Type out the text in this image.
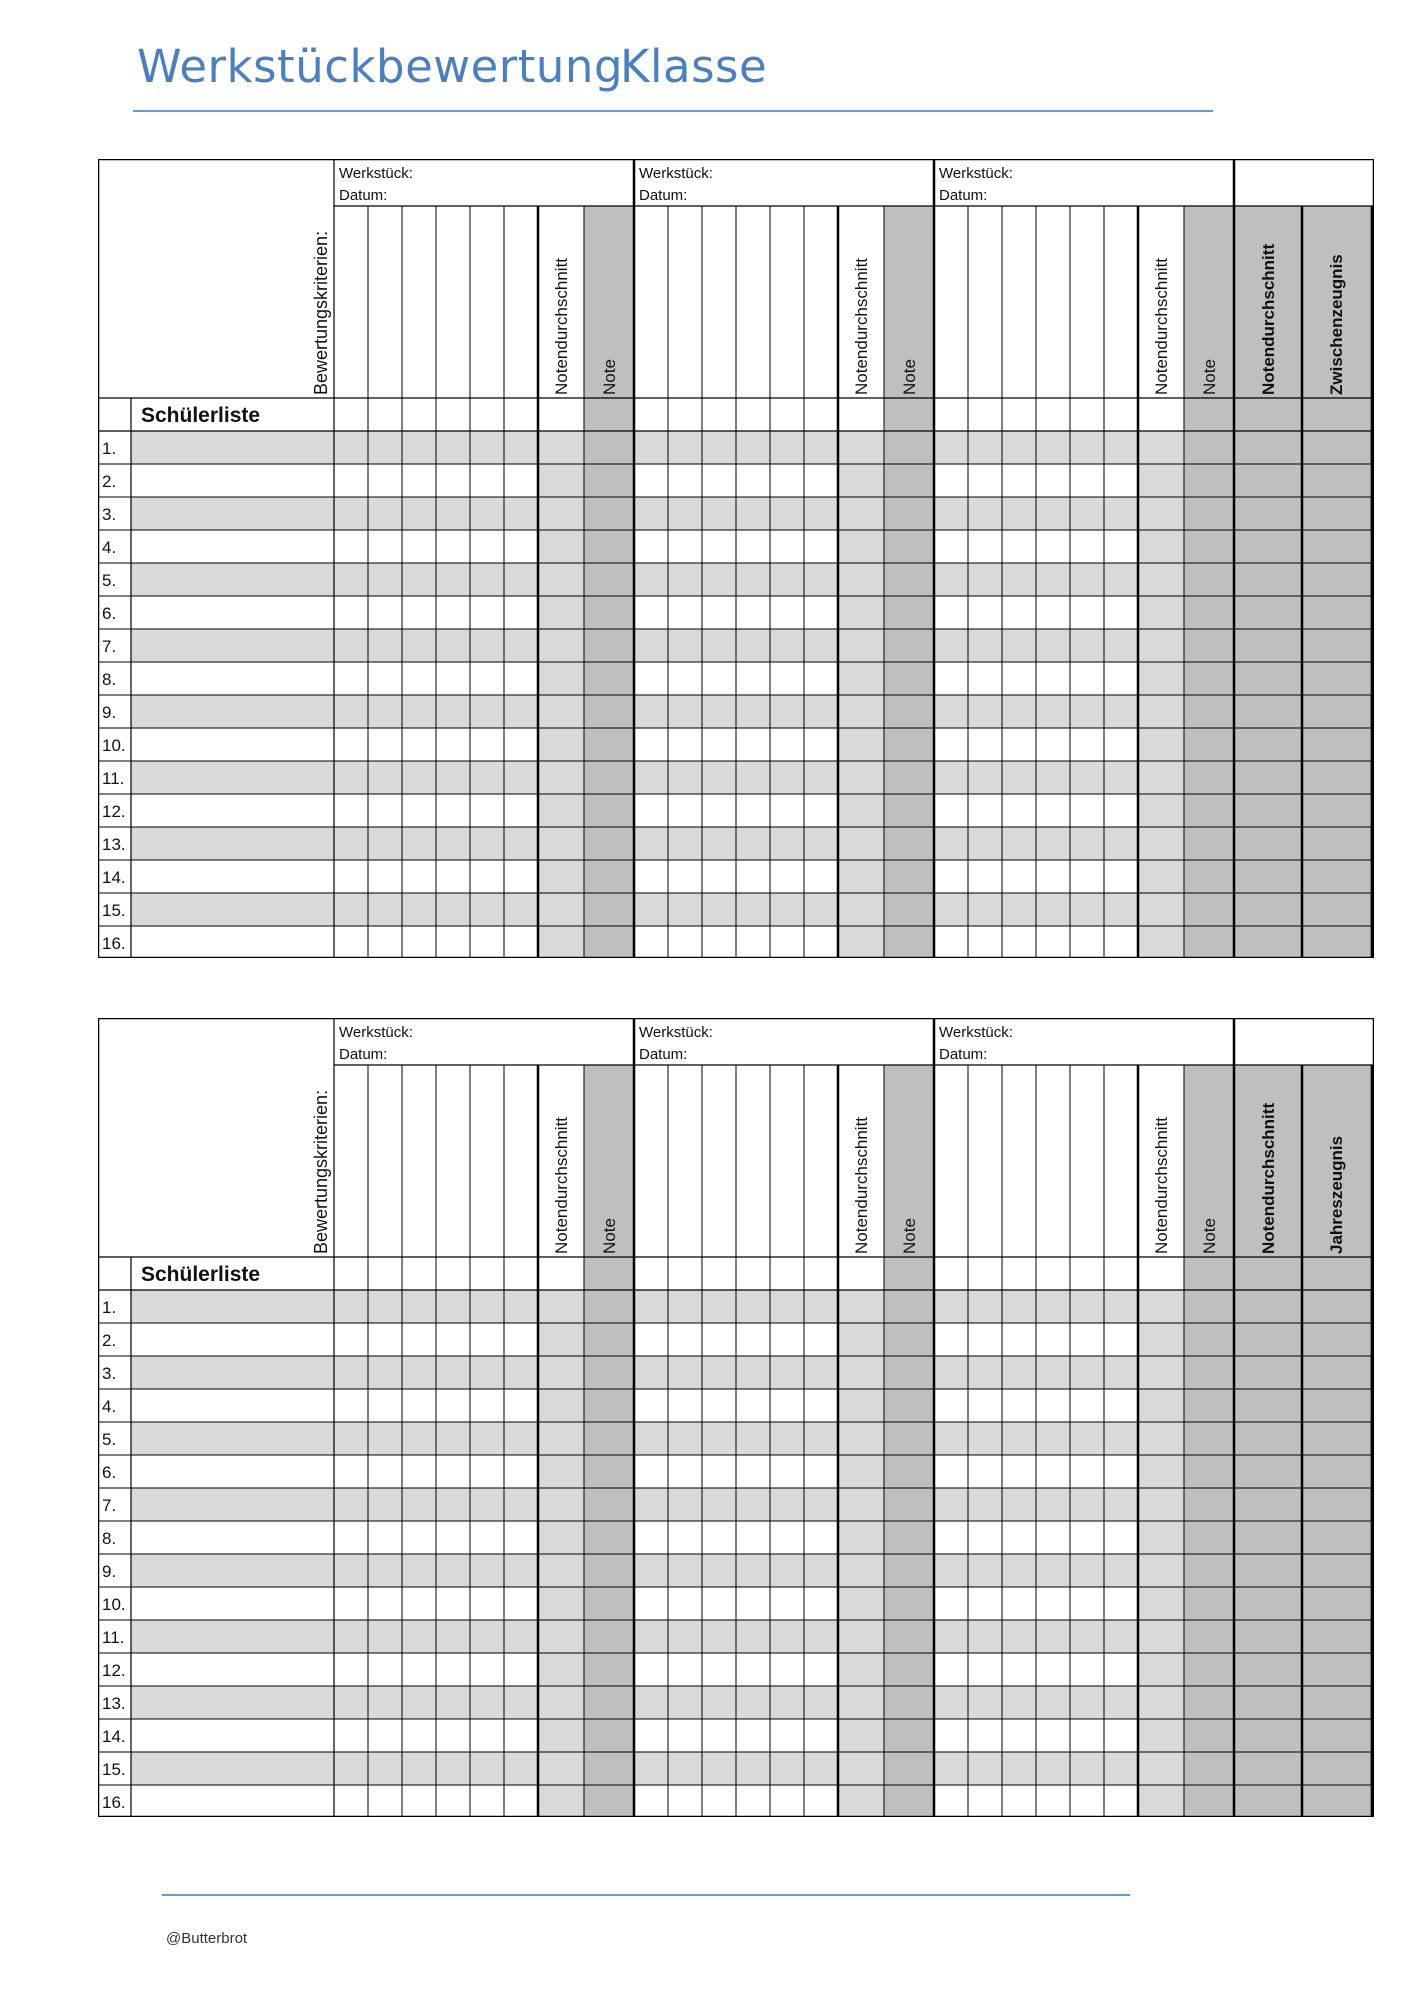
Werkstückbewertung
Klasse
Bewertungskriterien:
Schülerliste
Werkstück:
Datum:
Notendurchschnitt Note
Werkstück:
Datum:
Notendurchschnitt Note
Werkstück:
Datum:
Notendurchschnitt Note Notendurchschnitt	Zwischenzeugnis
1.
2.
3.
4.
5.
6.
7.
8.
9.
10.
11.
12.
13.
14.
15.
16.
Bewertungskriterien:
Schülerliste
Werkstück:
Datum:
Notendurchschnitt Note
Werkstück:
Datum:
Notendurchschnitt Note
Werkstück:
Datum:
Notendurchschnitt Note Notendurchschnitt	Jahreszeugnis
1.
2.
3.
4.
5.
6.
7.
8.
9.
10.
11.
12.
13.
14.
15.
16.
@Butterbrot
